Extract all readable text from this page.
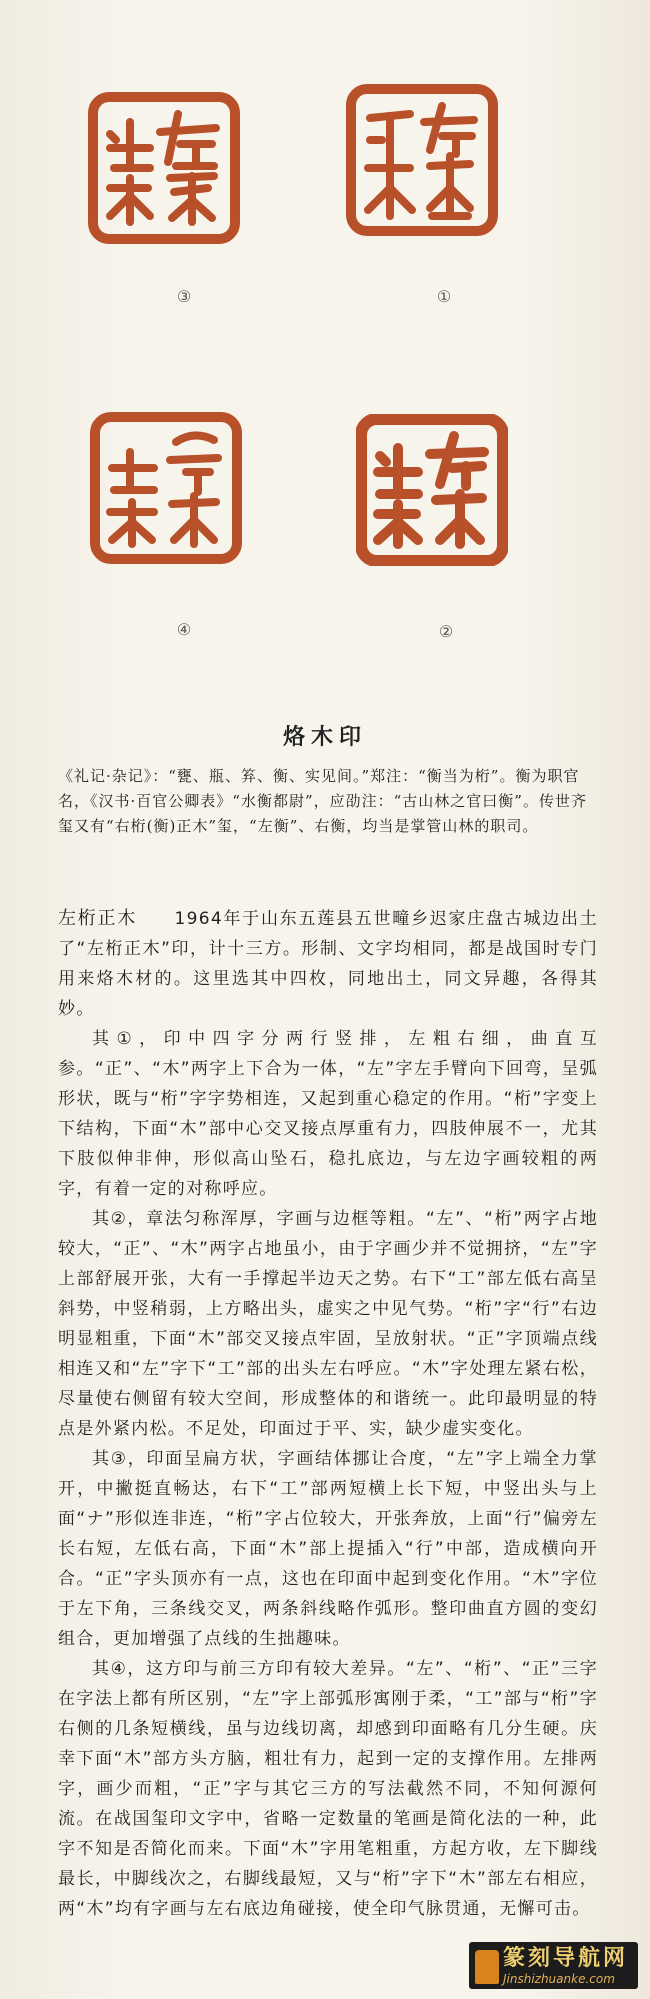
③	①
④	②
烙木印
《礼记·杂记》：“甕、瓶、笲、衡、实见间。”郑注：“衡当为桁”。衡为职官名，《汉书·百官公卿表》“水衡都尉”，应劭注：“古山林之官曰衡”。传世齐玺又有“右桁(衡)正木”玺，“左衡”、右衡，均当是掌管山林的职司。

左桁正木　　 1964年于山东五莲县五世疃乡迟家庄盘古城边出土了“左桁正木”印，计十三方。形制、文字均相同，都是战国时专门用来烙木材的。这里选其中四枚，同地出土，同文异趣，各得其妙。

其①，印中四字分两行竖排，左粗右细，曲直互参。“正”、“木”两字上下合为一体，“左”字左手臂向下回弯，呈弧形状，既与“桁”字字势相连，又起到重心稳定的作用。“桁”字变上下结构，下面“木”部中心交叉接点厚重有力，四肢伸展不一，尤其下肢似伸非伸，形似高山坠石，稳扎底边，与左边字画较粗的两字，有着一定的对称呼应。

其②，章法匀称浑厚，字画与边框等粗。“左”、“桁”两字占地较大，“正”、“木”两字占地虽小，由于字画少并不觉拥挤，“左”字上部舒展开张，大有一手撑起半边天之势。右下“工”部左低右高呈斜势，中竖稍弱，上方略出头，虚实之中见气势。“桁”字“行”右边明显粗重，下面“木”部交叉接点牢固，呈放射状。“正”字顶端点线相连又和“左”字下“工”部的出头左右呼应。“木”字处理左紧右松，尽量使右侧留有较大空间，形成整体的和谐统一。此印最明显的特点是外紧内松。不足处，印面过于平、实，缺少虚实变化。

其③，印面呈扁方状，字画结体挪让合度，“左”字上端全力掌开，中撇挺直畅达，右下“工”部两短横上长下短，中竖出头与上面“ナ”形似连非连，“桁”字占位较大，开张奔放，上面“行”偏旁左长右短，左低右高，下面“木”部上提插入“行”中部，造成横向开合。“正”字头顶亦有一点，这也在印面中起到变化作用。“木”字位于左下角，三条线交叉，两条斜线略作弧形。整印曲直方圆的变幻组合，更加增强了点线的生拙趣味。

其④，这方印与前三方印有较大差异。“左”、“桁”、“正”三字在字法上都有所区别，“左”字上部弧形寓刚于柔，“工”部与“桁”字右侧的几条短横线，虽与边线切离，却感到印面略有几分生硬。庆幸下面“木”部方头方脑，粗壮有力，起到一定的支撑作用。左排两字，画少而粗，“正”字与其它三方的写法截然不同，不知何源何流。在战国玺印文字中，省略一定数量的笔画是简化法的一种，此字不知是否简化而来。下面“木”字用笔粗重，方起方收，左下脚线最长，中脚线次之，右脚线最短，又与“桁”字下“木”部左右相应，两“木”均有字画与左右底边角碰接，使全印气脉贯通，无懈可击。

篆刻导航网
Jinshizhuanke.com
